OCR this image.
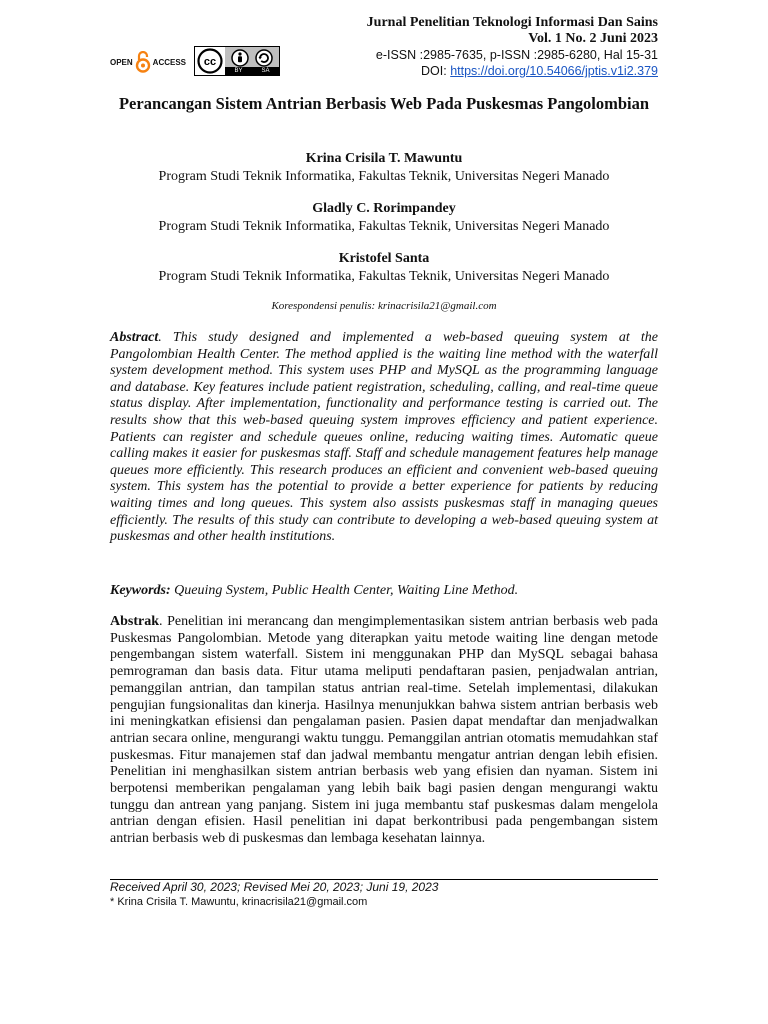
OPEN	ACCESS cc
BY	SA
Jurnal Penelitian Teknologi Informasi Dan Sains
Vol. 1 No. 2 Juni 2023
e-ISSN :2985-7635, p-ISSN :2985-6280, Hal 15-31
DOI: https://doi.org/10.54066/jptis.v1i2.379
Perancangan Sistem Antrian Berbasis Web Pada Puskesmas Pangolombian
Krina Crisila T. Mawuntu
Program Studi Teknik Informatika, Fakultas Teknik, Universitas Negeri Manado
Gladly C. Rorimpandey
Program Studi Teknik Informatika, Fakultas Teknik, Universitas Negeri Manado
Kristofel Santa
Program Studi Teknik Informatika, Fakultas Teknik, Universitas Negeri Manado
Korespondensi penulis: krinacrisila21@gmail.com
Abstract. This study designed and implemented a web-based queuing system at the Pangolombian Health Center. The method applied is the waiting line method with the waterfall system development method. This system uses PHP and MySQL as the programming language and database. Key features include patient registration, scheduling, calling, and real-time queue status display. After implementation, functionality and performance testing is carried out. The results show that this web-based queuing system improves efficiency and patient experience. Patients can register and schedule queues online, reducing waiting times. Automatic queue calling makes it easier for puskesmas staff. Staff and schedule management features help manage queues more efficiently. This research produces an efficient and convenient web-based queuing system. This system has the potential to provide a better experience for patients by reducing waiting times and long queues. This system also assists puskesmas staff in managing queues efficiently. The results of this study can contribute to developing a web-based queuing system at puskesmas and other health institutions.
Keywords: Queuing System, Public Health Center, Waiting Line Method.
Abstrak. Penelitian ini merancang dan mengimplementasikan sistem antrian berbasis web pada Puskesmas Pangolombian. Metode yang diterapkan yaitu metode waiting line dengan metode pengembangan sistem waterfall. Sistem ini menggunakan PHP dan MySQL sebagai bahasa pemrograman dan basis data. Fitur utama meliputi pendaftaran pasien, penjadwalan antrian, pemanggilan antrian, dan tampilan status antrian real-time. Setelah implementasi, dilakukan pengujian fungsionalitas dan kinerja. Hasilnya menunjukkan bahwa sistem antrian berbasis web ini meningkatkan efisiensi dan pengalaman pasien. Pasien dapat mendaftar dan menjadwalkan antrian secara online, mengurangi waktu tunggu. Pemanggilan antrian otomatis memudahkan staf puskesmas. Fitur manajemen staf dan jadwal membantu mengatur antrian dengan lebih efisien. Penelitian ini menghasilkan sistem antrian berbasis web yang efisien dan nyaman. Sistem ini berpotensi memberikan pengalaman yang lebih baik bagi pasien dengan mengurangi waktu tunggu dan antrean yang panjang. Sistem ini juga membantu staf puskesmas dalam mengelola antrian dengan efisien. Hasil penelitian ini dapat berkontribusi pada pengembangan sistem antrian berbasis web di puskesmas dan lembaga kesehatan lainnya.
Received April 30, 2023; Revised Mei 20, 2023; Juni 19, 2023
* Krina Crisila T. Mawuntu, krinacrisila21@gmail.com
